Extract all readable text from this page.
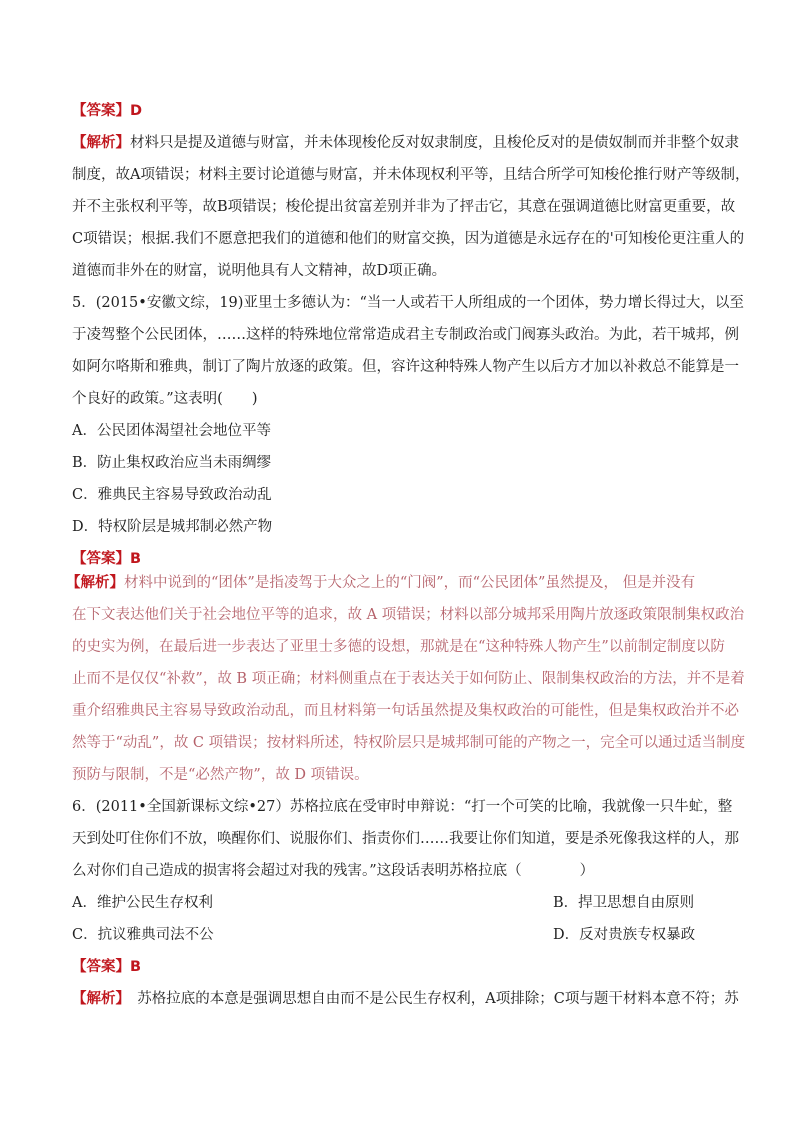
【答案】D
【解析】材料只是提及道德与财富，并未体现梭伦反对奴隶制度，且梭伦反对的是债奴制而并非整个奴隶
制度，故A项错误；材料主要讨论道德与财富，并未体现权利平等，且结合所学可知梭伦推行财产等级制，
并不主张权利平等，故B项错误；梭伦提出贫富差别并非为了抨击它，其意在强调道德比财富更重要，故
C项错误；根据.我们不愿意把我们的道德和他们的财富交换，因为道德是永远存在的'可知梭伦更注重人的
道德而非外在的财富，说明他具有人文精神，故D项正确。
5．(2015•安徽文综，19)亚里士多德认为：“当一人或若干人所组成的一个团体，势力增长得过大，以至
于凌驾整个公民团体，……这样的特殊地位常常造成君主专制政治或门阀寡头政治。为此，若干城邦，例
如阿尔咯斯和雅典，制订了陶片放逐的政策。但，容许这种特殊人物产生以后方才加以补救总不能算是一
个良好的政策。”这表明(　　)
A．公民团体渴望社会地位平等
B．防止集权政治应当未雨绸缪
C．雅典民主容易导致政治动乱
D．特权阶层是城邦制必然产物
【答案】B
【解析】材料中说到的“团体”是指凌驾于大众之上的“门阀”，而“公民团体”虽然提及， 但是并没有
在下文表达他们关于社会地位平等的追求，故 A 项错误；材料以部分城邦采用陶片放逐政策限制集权政治
的史实为例，在最后进一步表达了亚里士多德的设想，那就是在“这种特殊人物产生”以前制定制度以防
止而不是仅仅“补救”，故 B 项正确；材料侧重点在于表达关于如何防止、限制集权政治的方法，并不是着
重介绍雅典民主容易导致政治动乱，而且材料第一句话虽然提及集权政治的可能性，但是集权政治并不必
然等于“动乱”，故 C 项错误；按材料所述，特权阶层只是城邦制可能的产物之一，完全可以通过适当制度
预防与限制，不是“必然产物”，故 D 项错误。
6．(2011•全国新课标文综•27）苏格拉底在受审时申辩说：“打一个可笑的比喻，我就像一只牛虻，整
天到处叮住你们不放，唤醒你们、说服你们、指责你们……我要让你们知道，要是杀死像我这样的人，那
么对你们自己造成的损害将会超过对我的残害。”这段话表明苏格拉底（　　　　）
A．维护公民生存权利	B．捍卫思想自由原则
C．抗议雅典司法不公	D．反对贵族专权暴政
【答案】B
【解析】　苏格拉底的本意是强调思想自由而不是公民生存权利，A项排除；C项与题干材料本意不符；苏
